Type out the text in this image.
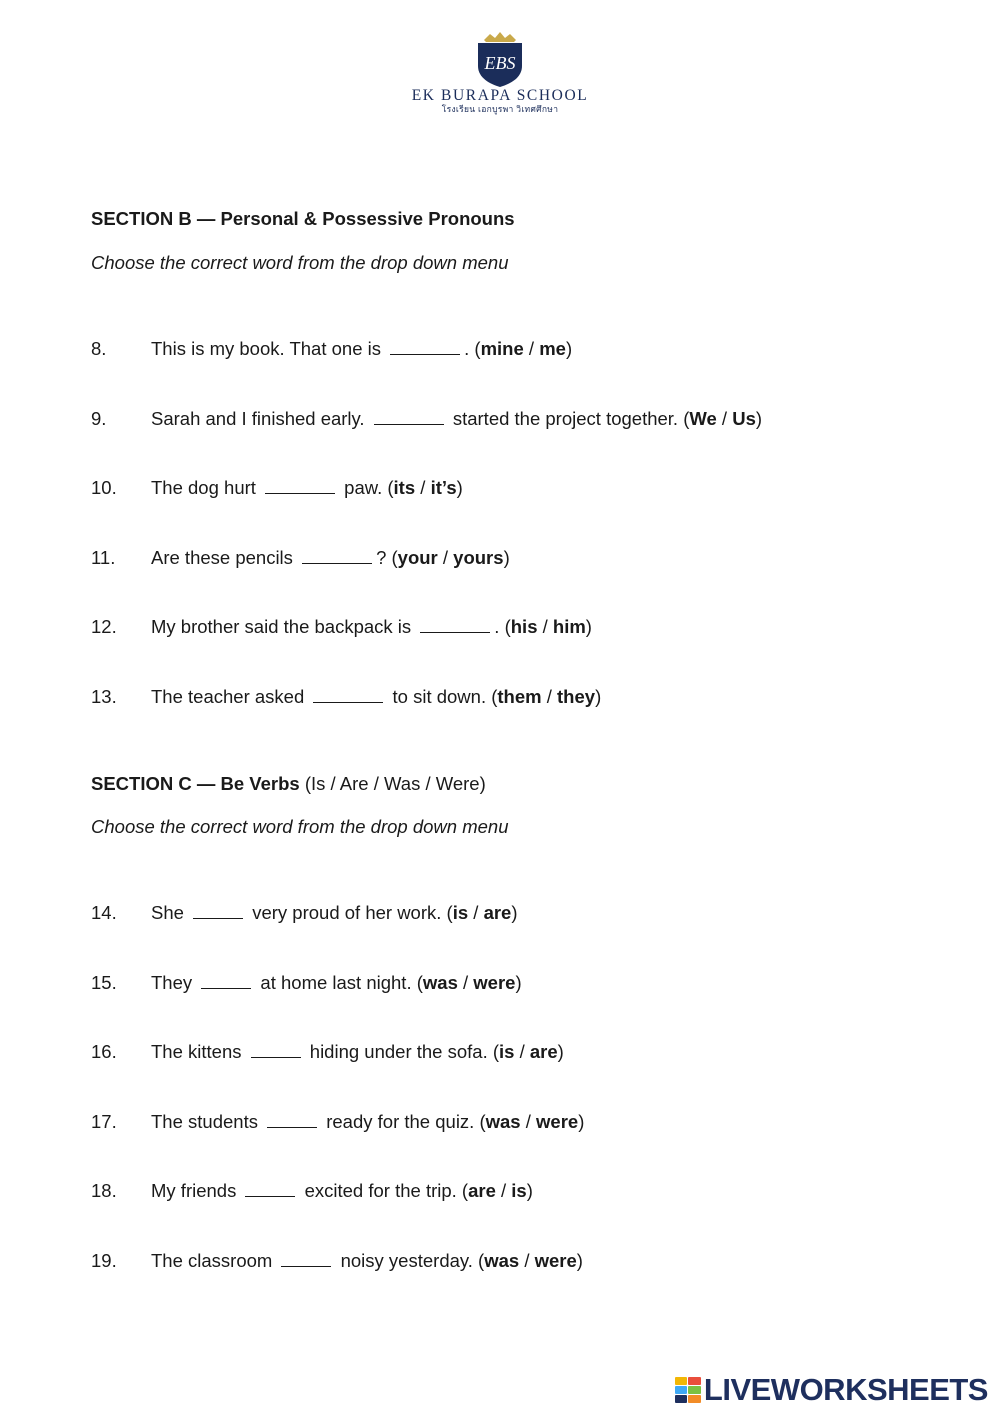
EBS
EK BURAPA SCHOOL
โรงเรียน เอกบูรพา วิเทศศึกษา
SECTION B — Personal & Possessive Pronouns
Choose the correct word from the drop down menu
8. This is my book. That one is	. (mine / me)
9. Sarah and I finished early.	started the project together. (We / Us)
10. The dog hurt	paw. (its / it’s)
11. Are these pencils	? (your / yours)
12. My brother said the backpack is	. (his / him)
13. The teacher asked	to sit down. (them / they)
SECTION C — Be Verbs (Is / Are / Was / Were)
Choose the correct word from the drop down menu
14. She	very proud of her work. (is / are)
15. They	at home last night. (was / were)
16. The kittens	hiding under the sofa. (is / are)
17. The students	ready for the quiz. (was / were)
18. My friends	excited for the trip. (are / is)
19. The classroom	noisy yesterday. (was / were)
LIVEWORKSHEETS
